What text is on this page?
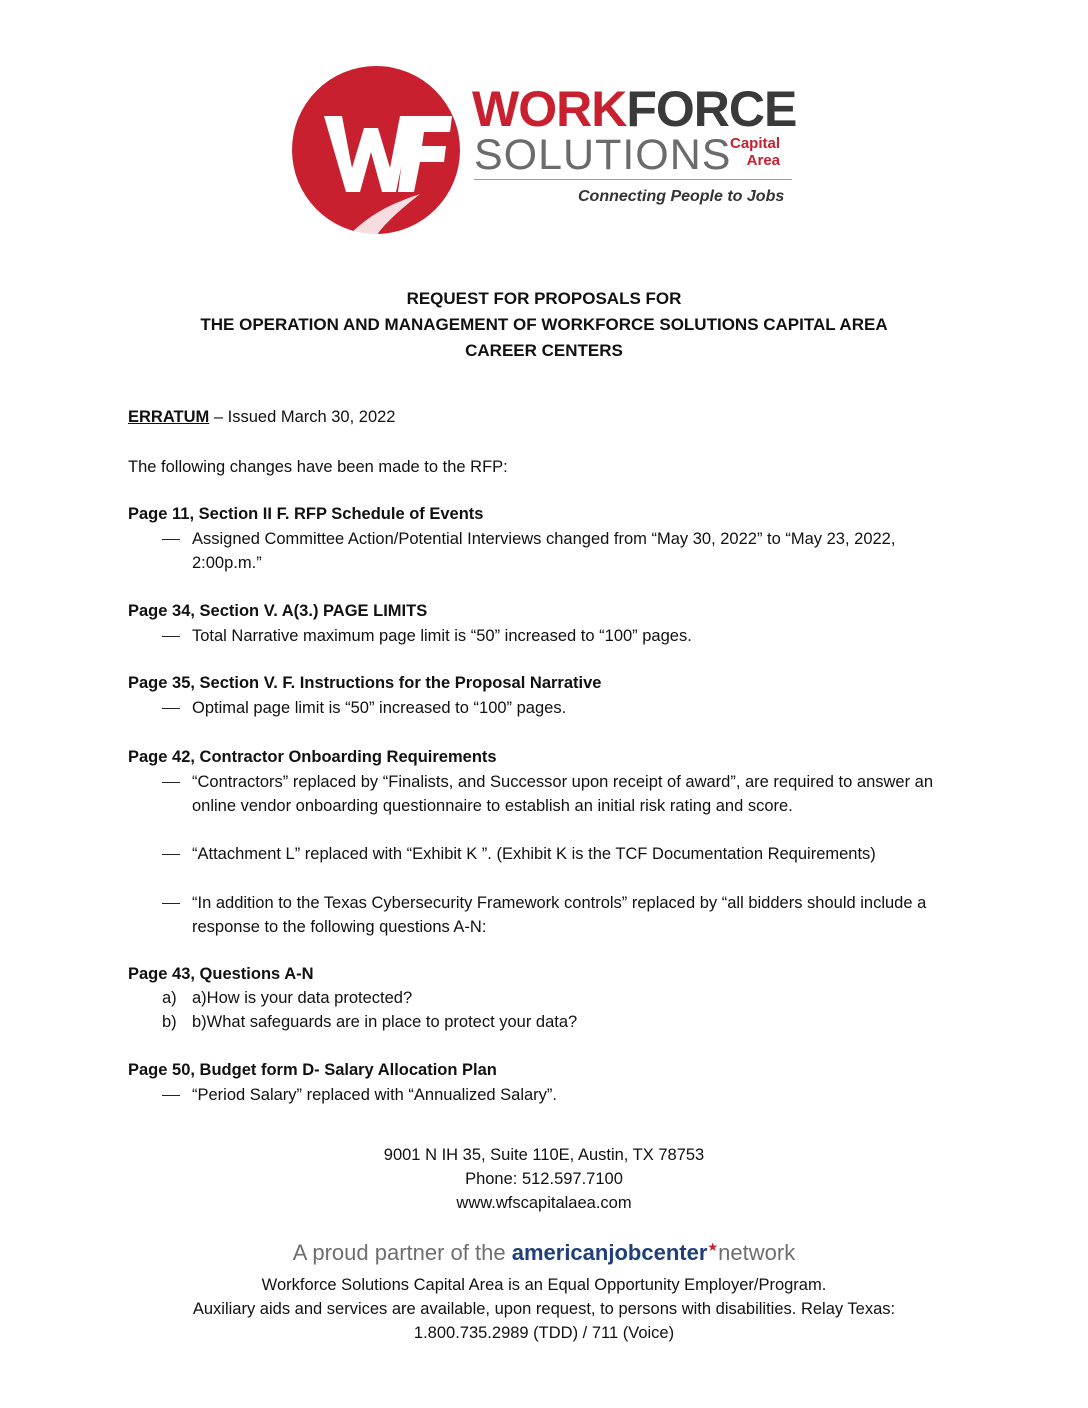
WORKFORCE
SOLUTIONS
Capital
Area
Connecting People to Jobs
REQUEST FOR PROPOSALS FOR
THE OPERATION AND MANAGEMENT OF WORKFORCE SOLUTIONS CAPITAL AREA
CAREER CENTERS
ERRATUM – Issued March 30, 2022
The following changes have been made to the RFP:
Page 11, Section II F. RFP Schedule of Events
Assigned Committee Action/Potential Interviews changed from “May 30, 2022” to “May 23, 2022, 2:00p.m.”
Page 34, Section V. A(3.) PAGE LIMITS
Total Narrative maximum page limit is “50” increased to “100” pages.
Page 35, Section V. F. Instructions for the Proposal Narrative
Optimal page limit is “50” increased to “100” pages.
Page 42, Contractor Onboarding Requirements
“Contractors” replaced by “Finalists, and Successor upon receipt of award”, are required to answer an online vendor onboarding questionnaire to establish an initial risk rating and score.
“Attachment L” replaced with “Exhibit K ”. (Exhibit K is the TCF Documentation Requirements)
“In addition to the Texas Cybersecurity Framework controls” replaced by “all bidders should include a response to the following questions A-N:
Page 43, Questions A-N
a) a)How is your data protected?
b) b)What safeguards are in place to protect your data?
Page 50, Budget form D- Salary Allocation Plan
“Period Salary” replaced with “Annualized Salary”.
9001 N IH 35, Suite 110E, Austin, TX 78753
Phone: 512.597.7100
www.wfscapitalaea.com
A proud partner of the americanjobcenter★network
Workforce Solutions Capital Area is an Equal Opportunity Employer/Program.
Auxiliary aids and services are available, upon request, to persons with disabilities. Relay Texas:
1.800.735.2989 (TDD) / 711 (Voice)
